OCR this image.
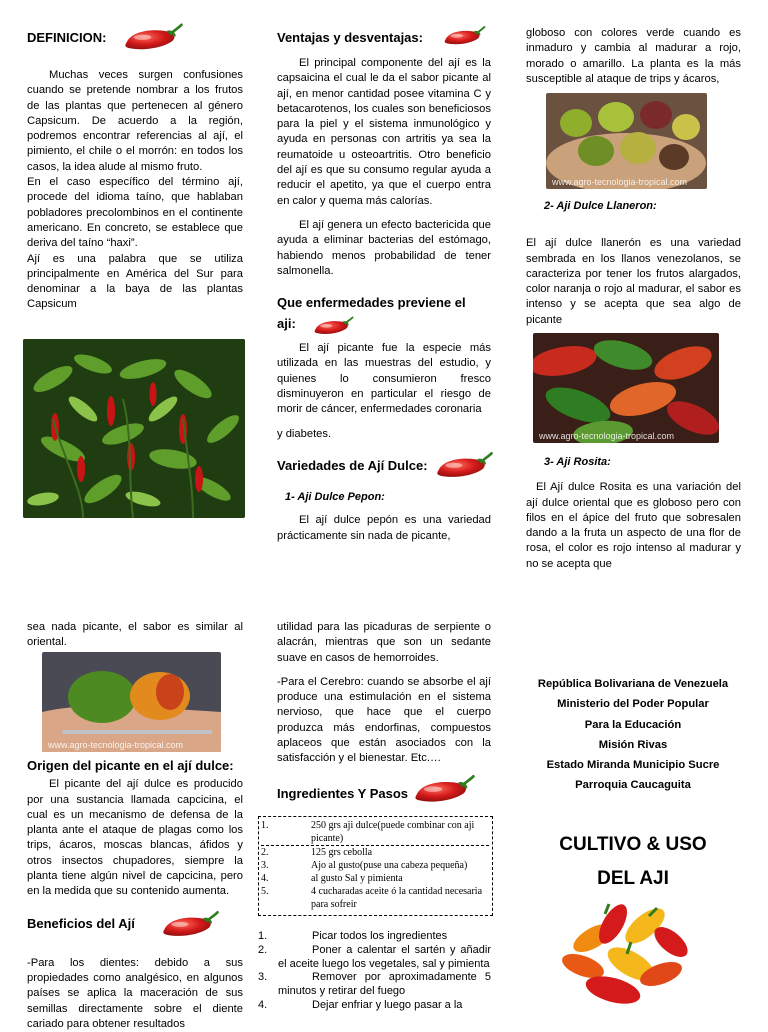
DEFINICION:

Muchas veces surgen confusiones cuando se pretende nombrar a los frutos de las plantas que pertenecen al género Capsicum. De acuerdo a la región, podremos encontrar referencias al ají, el pimiento, el chile o el morrón: en todos los casos, la idea alude al mismo fruto.

En el caso específico del término ají, procede del idioma taíno, que hablaban pobladores precolombinos en el continente americano. En concreto, se establece que deriva del taíno “haxi”.

Ají es una palabra que se utiliza principalmente en América del Sur para denominar a la baya de las plantas Capsicum

Ventajas y desventajas:

El principal componente del ají es la capsaicina el cual le da el sabor picante al ají, en menor cantidad posee vitamina C y betacarotenos, los cuales son beneficiosos para la piel y el sistema inmunológico y ayuda en personas con artritis ya sea la reumatoide u osteoartritis. Otro beneficio del ají es que su consumo regular ayuda a reducir el apetito, ya que el cuerpo entra en calor y quema más calorías.

El ají genera un efecto bactericida que ayuda a eliminar bacterias del estómago, habiendo menos probabilidad de tener salmonella.

Que enfermedades previene el
aji:

El ají picante fue la especie más utilizada en las muestras del estudio, y quienes lo consumieron fresco disminuyeron en particular el riesgo de morir de cáncer, enfermedades coronaria

y diabetes.

Variedades de Ají Dulce:
1- Aji Dulce Pepon:

El ají dulce pepón es una variedad prácticamente sin nada de picante,

globoso con colores verde cuando es inmaduro y cambia al madurar a rojo, morado o amarillo. La planta es la más susceptible al ataque de trips y ácaros,

www.agro-tecnologia-tropical.com
2- Aji Dulce Llaneron:

El ají dulce llanerón es una variedad sembrada en los llanos venezolanos, se caracteriza por tener los frutos alargados, color naranja o rojo al madurar, el sabor es intenso y se acepta que sea algo de picante

www.agro-tecnologia-tropical.com
3- Aji Rosita:

El Ají dulce Rosita es una variación del ají dulce oriental que es globoso pero con filos en el ápice del fruto que sobresalen dando a la fruta un aspecto de una flor de rosa, el color es rojo intenso al madurar y no se acepta que

sea nada picante, el sabor es similar al oriental.

www.agro-tecnologia-tropical.com
Origen del picante en el ají dulce:

El picante del ají dulce es producido por una sustancia llamada capcicina, el cual es un mecanismo de defensa de la planta ante el ataque de plagas como los trips, ácaros, moscas blancas, áfidos y otros insectos chupadores, siempre la planta tiene algún nivel de capcicina, pero en la medida que su contenido aumenta.

Beneficios del Ají

-Para los dientes: debido a sus propiedades como analgésico, en algunos países se aplica la maceración de sus semillas directamente sobre el diente cariado para obtener resultados

utilidad para las picaduras de serpiente o alacrán, mientras que son un sedante suave en casos de hemorroides.

-Para el Cerebro: cuando se absorbe el ají produce una estimulación en el sistema nervioso, que hace que el cuerpo produzca más endorfinas, compuestos aplaceos que están asociados con la satisfacción y el bienestar. Etc.…

Ingredientes Y Pasos
1.	250 grs aji dulce(puede combinar con aji picante)
2.	125 grs cebolla
3.	Ajo al gusto(puse una cabeza pequeña)
4.	al gusto Sal y pimienta
5.	4 cucharadas aceite ó la cantidad necesaria para sofreir
1.	Picar todos los ingredientes
2.	Poner a calentar el sartén y añadir el aceite luego los vegetales, sal y pimienta
3.	Remover por aproximadamente 5 minutos y retirar del fuego
4.	Dejar enfriar y luego pasar a la
República Bolivariana de Venezuela
Ministerio del Poder Popular
Para la Educación
Misión Rivas
Estado Miranda Municipio Sucre
Parroquia Caucaguita
CULTIVO & USO
DEL AJI
